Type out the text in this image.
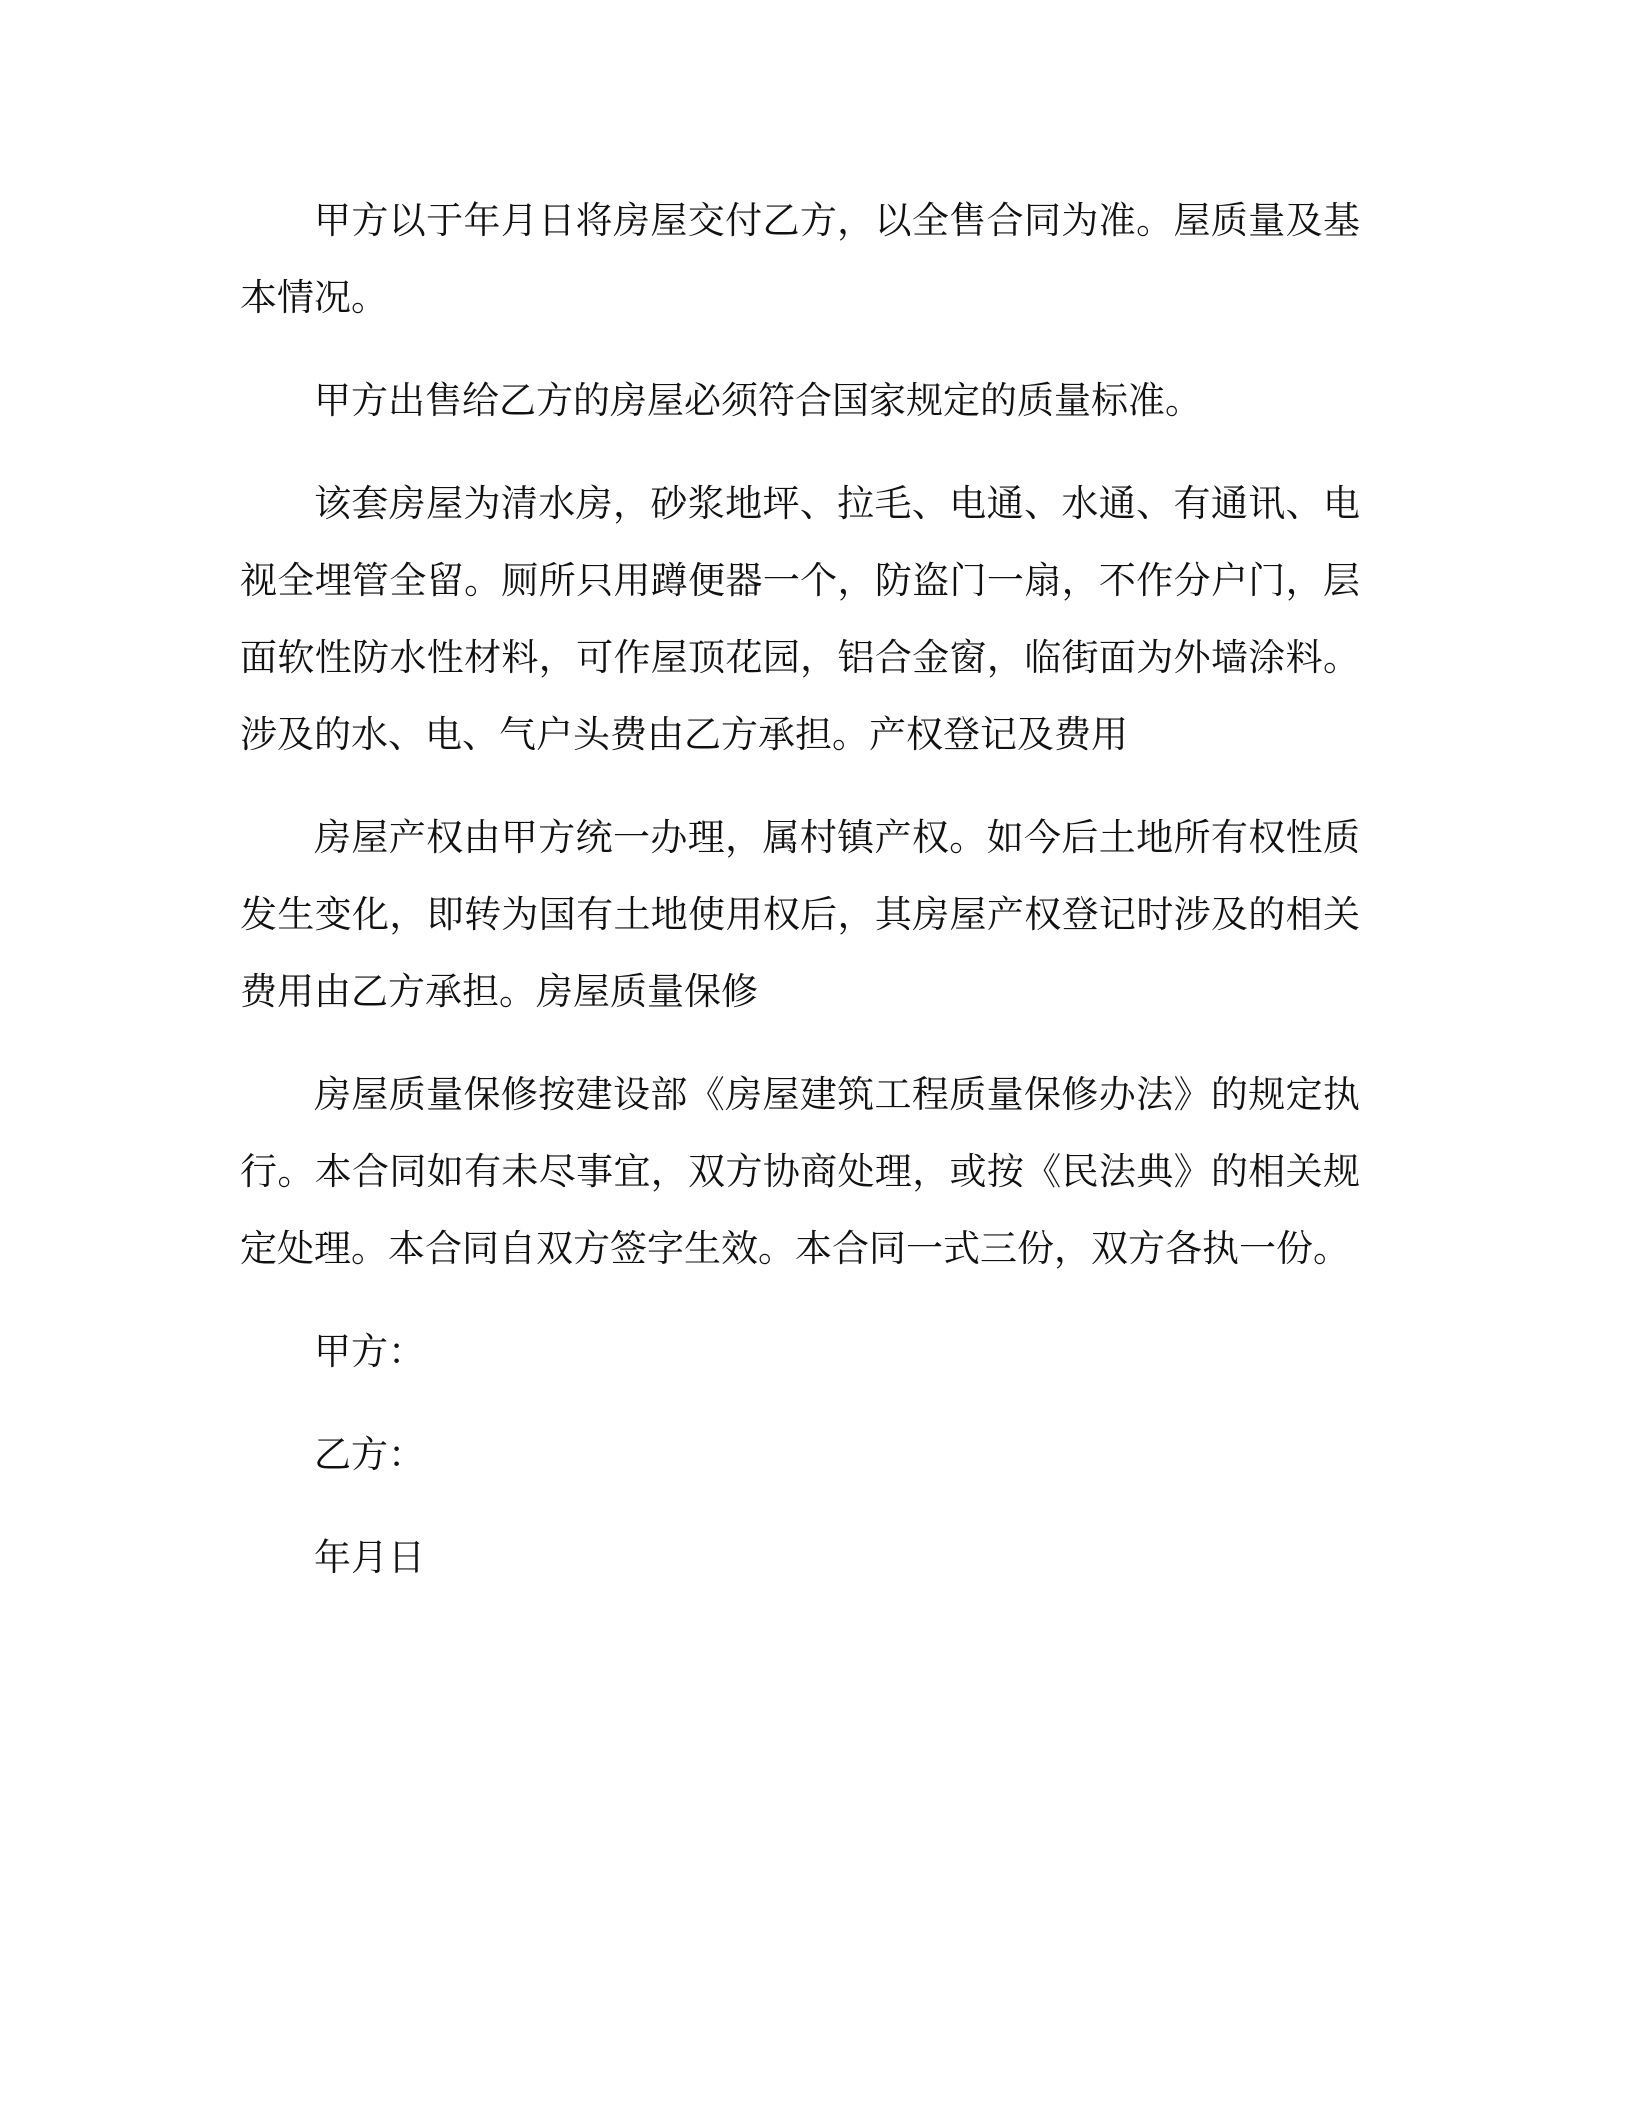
甲方以于年月日将房屋交付乙方，以全售合同为准。屋质量及基本情况。

甲方出售给乙方的房屋必须符合国家规定的质量标准。

该套房屋为清水房，砂浆地坪、拉毛、电通、水通、有通讯、电视全埋管全留。厕所只用蹲便器一个，防盗门一扇，不作分户门，层面软性防水性材料，可作屋顶花园，铝合金窗，临街面为外墙涂料。涉及的水、电、气户头费由乙方承担。产权登记及费用

房屋产权由甲方统一办理，属村镇产权。如今后土地所有权性质发生变化，即转为国有土地使用权后，其房屋产权登记时涉及的相关费用由乙方承担。房屋质量保修

房屋质量保修按建设部《房屋建筑工程质量保修办法》的规定执行。本合同如有未尽事宜，双方协商处理，或按《民法典》的相关规定处理。本合同自双方签字生效。本合同一式三份，双方各执一份。

甲方：

乙方：

年月日
